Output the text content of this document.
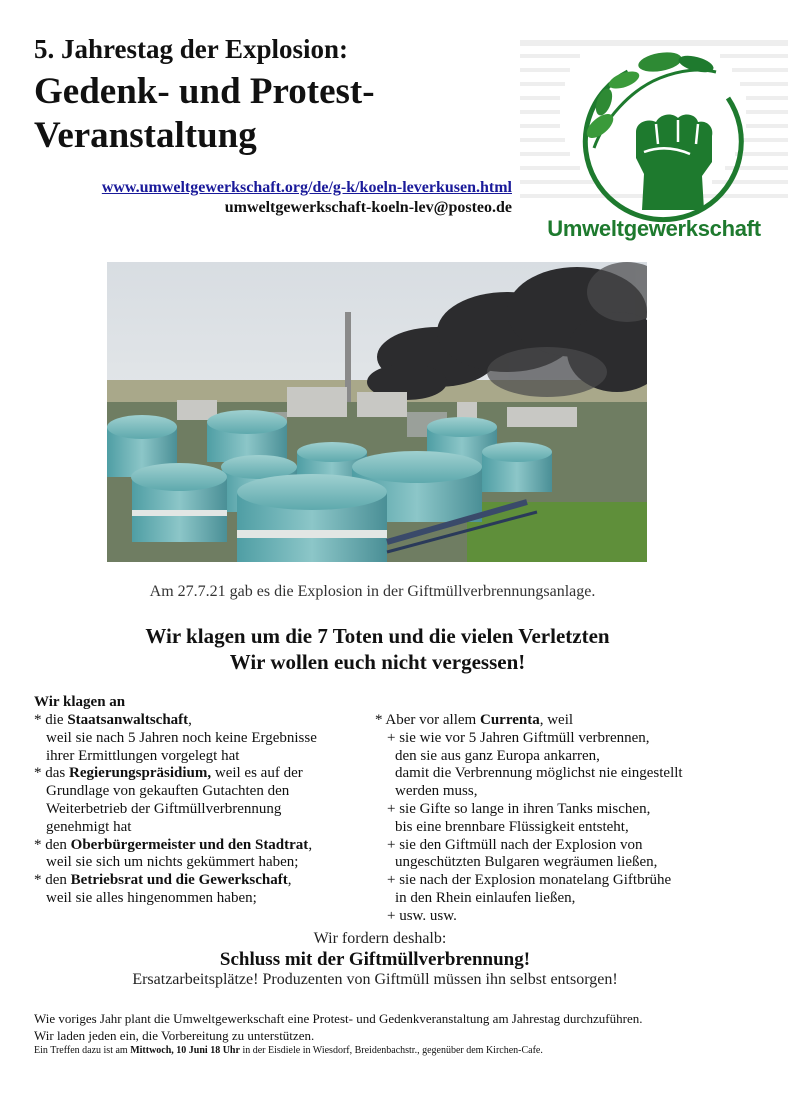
5. Jahrestag der Explosion:
Gedenk- und Protest-
Veranstaltung
www.umweltgewerkschaft.org/de/g-k/koeln-leverkusen.html
umweltgewerkschaft-koeln-lev@posteo.de
Umweltgewerkschaft
Am 27.7.21 gab es die Explosion in der Giftmüllverbrennungsanlage.
Wir klagen um die 7 Toten und die vielen Verletzten
Wir wollen euch nicht vergessen!
Wir klagen an
* die Staatsanwaltschaft,
weil sie nach 5 Jahren noch keine Ergebnisse
ihrer Ermittlungen vorgelegt hat
* das Regierungspräsidium, weil es auf der
Grundlage von gekauften Gutachten den
Weiterbetrieb der Giftmüllverbrennung
genehmigt hat
* den Oberbürgermeister und den Stadtrat,
weil sie sich um nichts gekümmert haben;
* den Betriebsrat und die Gewerkschaft,
weil sie alles hingenommen haben;
* Aber vor allem Currenta, weil
+ sie wie vor 5 Jahren Giftmüll verbrennen,
den sie aus ganz Europa ankarren,
damit die Verbrennung möglichst nie eingestellt
werden muss,
+ sie Gifte so lange in ihren Tanks mischen,
bis eine brennbare Flüssigkeit entsteht,
+ sie den Giftmüll nach der Explosion von
ungeschützten Bulgaren wegräumen ließen,
+ sie nach der Explosion monatelang Giftbrühe
in den Rhein einlaufen ließen,
+ usw. usw.
Wir fordern deshalb:
Schluss mit der Giftmüllverbrennung!
Ersatzarbeitsplätze! Produzenten von Giftmüll müssen ihn selbst entsorgen!
Wie voriges Jahr plant die Umweltgewerkschaft eine Protest- und Gedenkveranstaltung am Jahrestag durchzuführen.
Wir laden jeden ein, die Vorbereitung zu unterstützen.
Ein Treffen dazu ist am Mittwoch, 10 Juni 18 Uhr in der Eisdiele in Wiesdorf, Breidenbachstr., gegenüber dem Kirchen-Cafe.
